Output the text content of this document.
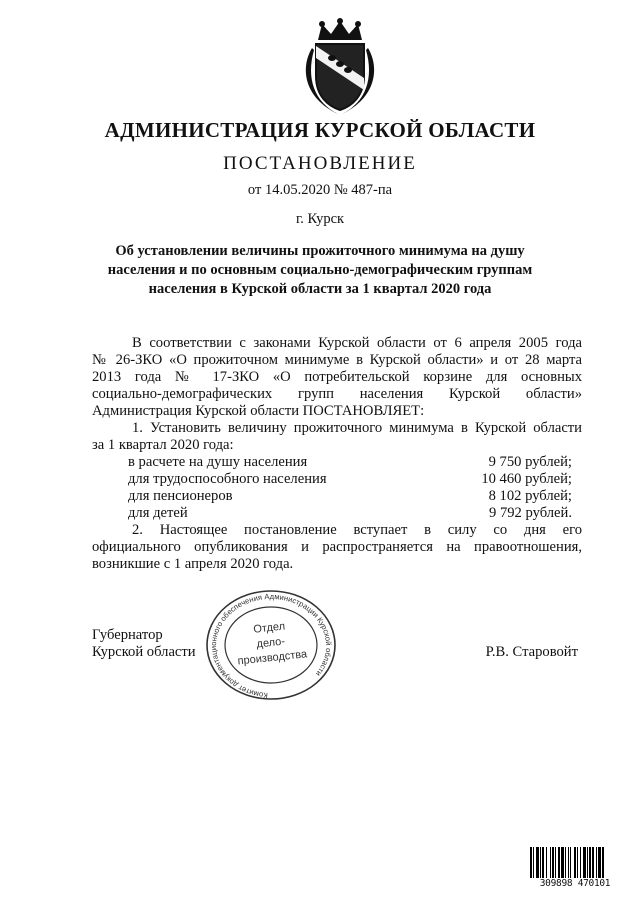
АДМИНИСТРАЦИЯ КУРСКОЙ ОБЛАСТИ
ПОСТАНОВЛЕНИЕ
от 14.05.2020 № 487-па
г. Курск
Об установлении величины прожиточного минимума на душу
населения и по основным социально-демографическим группам
населения в Курской области за 1 квартал 2020 года
В соответствии с законами Курской области от 6 апреля 2005 года
№ 26-ЗКО «О прожиточном минимуме в Курской области» и от 28 марта
2013 года № 17-ЗКО «О потребительской корзине для основных
социально-демографических групп населения Курской области»
Администрация Курской области ПОСТАНОВЛЯЕТ:
1. Установить величину прожиточного минимума в Курской области
за 1 квартал 2020 года:
в расчете на душу населения	9 750 рублей;
для трудоспособного населения	10 460 рублей;
для пенсионеров	8 102 рублей;
для детей	9 792 рублей.
2. Настоящее постановление вступает в силу со дня его
официального опубликования и распространяется на правоотношения,
возникшие с 1 апреля 2020 года.
Губернатор
Курской области	Р.В. Старовойт
Комитет документационного обеспечения Администрации Курской области
Отдел
дело-
производства
309898 470101
